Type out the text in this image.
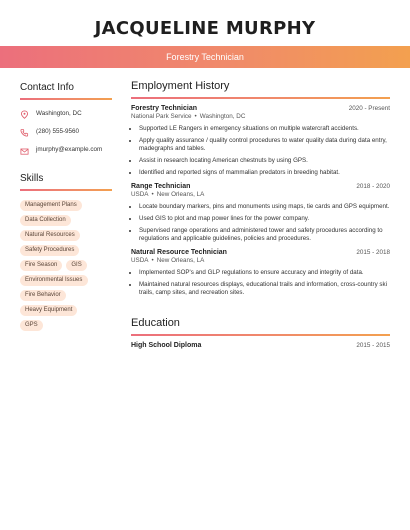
JACQUELINE MURPHY
Forestry Technician
Contact Info
Washington, DC
(280) 555-9560
jmurphy@example.com
Skills
Management Plans
Data Collection
Natural Resources
Safety Procedures
Fire Season	GIS
Environmental Issues
Fire Behavior
Heavy Equipment
GPS
Employment History
Forestry Technician	2020 - Present
National Park Service • Washington, DC
• Supported LE Rangers in emergency situations on multiple watercraft accidents.
• Apply quality assurance / quality control procedures to water quality data during data entry, madegraphs and tables.
• Assist in research locating American chestnuts by using GPS.
• Identified and reported signs of mammalian predators in breeding habitat.
Range Technician	2018 - 2020
USDA • New Orleans, LA
• Locate boundary markers, pins and monuments using maps, tie cards and GPS equipment.
• Used GIS to plot and map power lines for the power company.
• Supervised range operations and administered tower and safety procedures according to regulations and applicable guidelines, policies and procedures.
Natural Resource Technician	2015 - 2018
USDA • New Orleans, LA
• Implemented SOP's and GLP regulations to ensure accuracy and integrity of data.
• Maintained natural resources displays, educational trails and information, cross-country ski trails, camp sites, and recreation sites.
Education
High School Diploma	2015 - 2015
